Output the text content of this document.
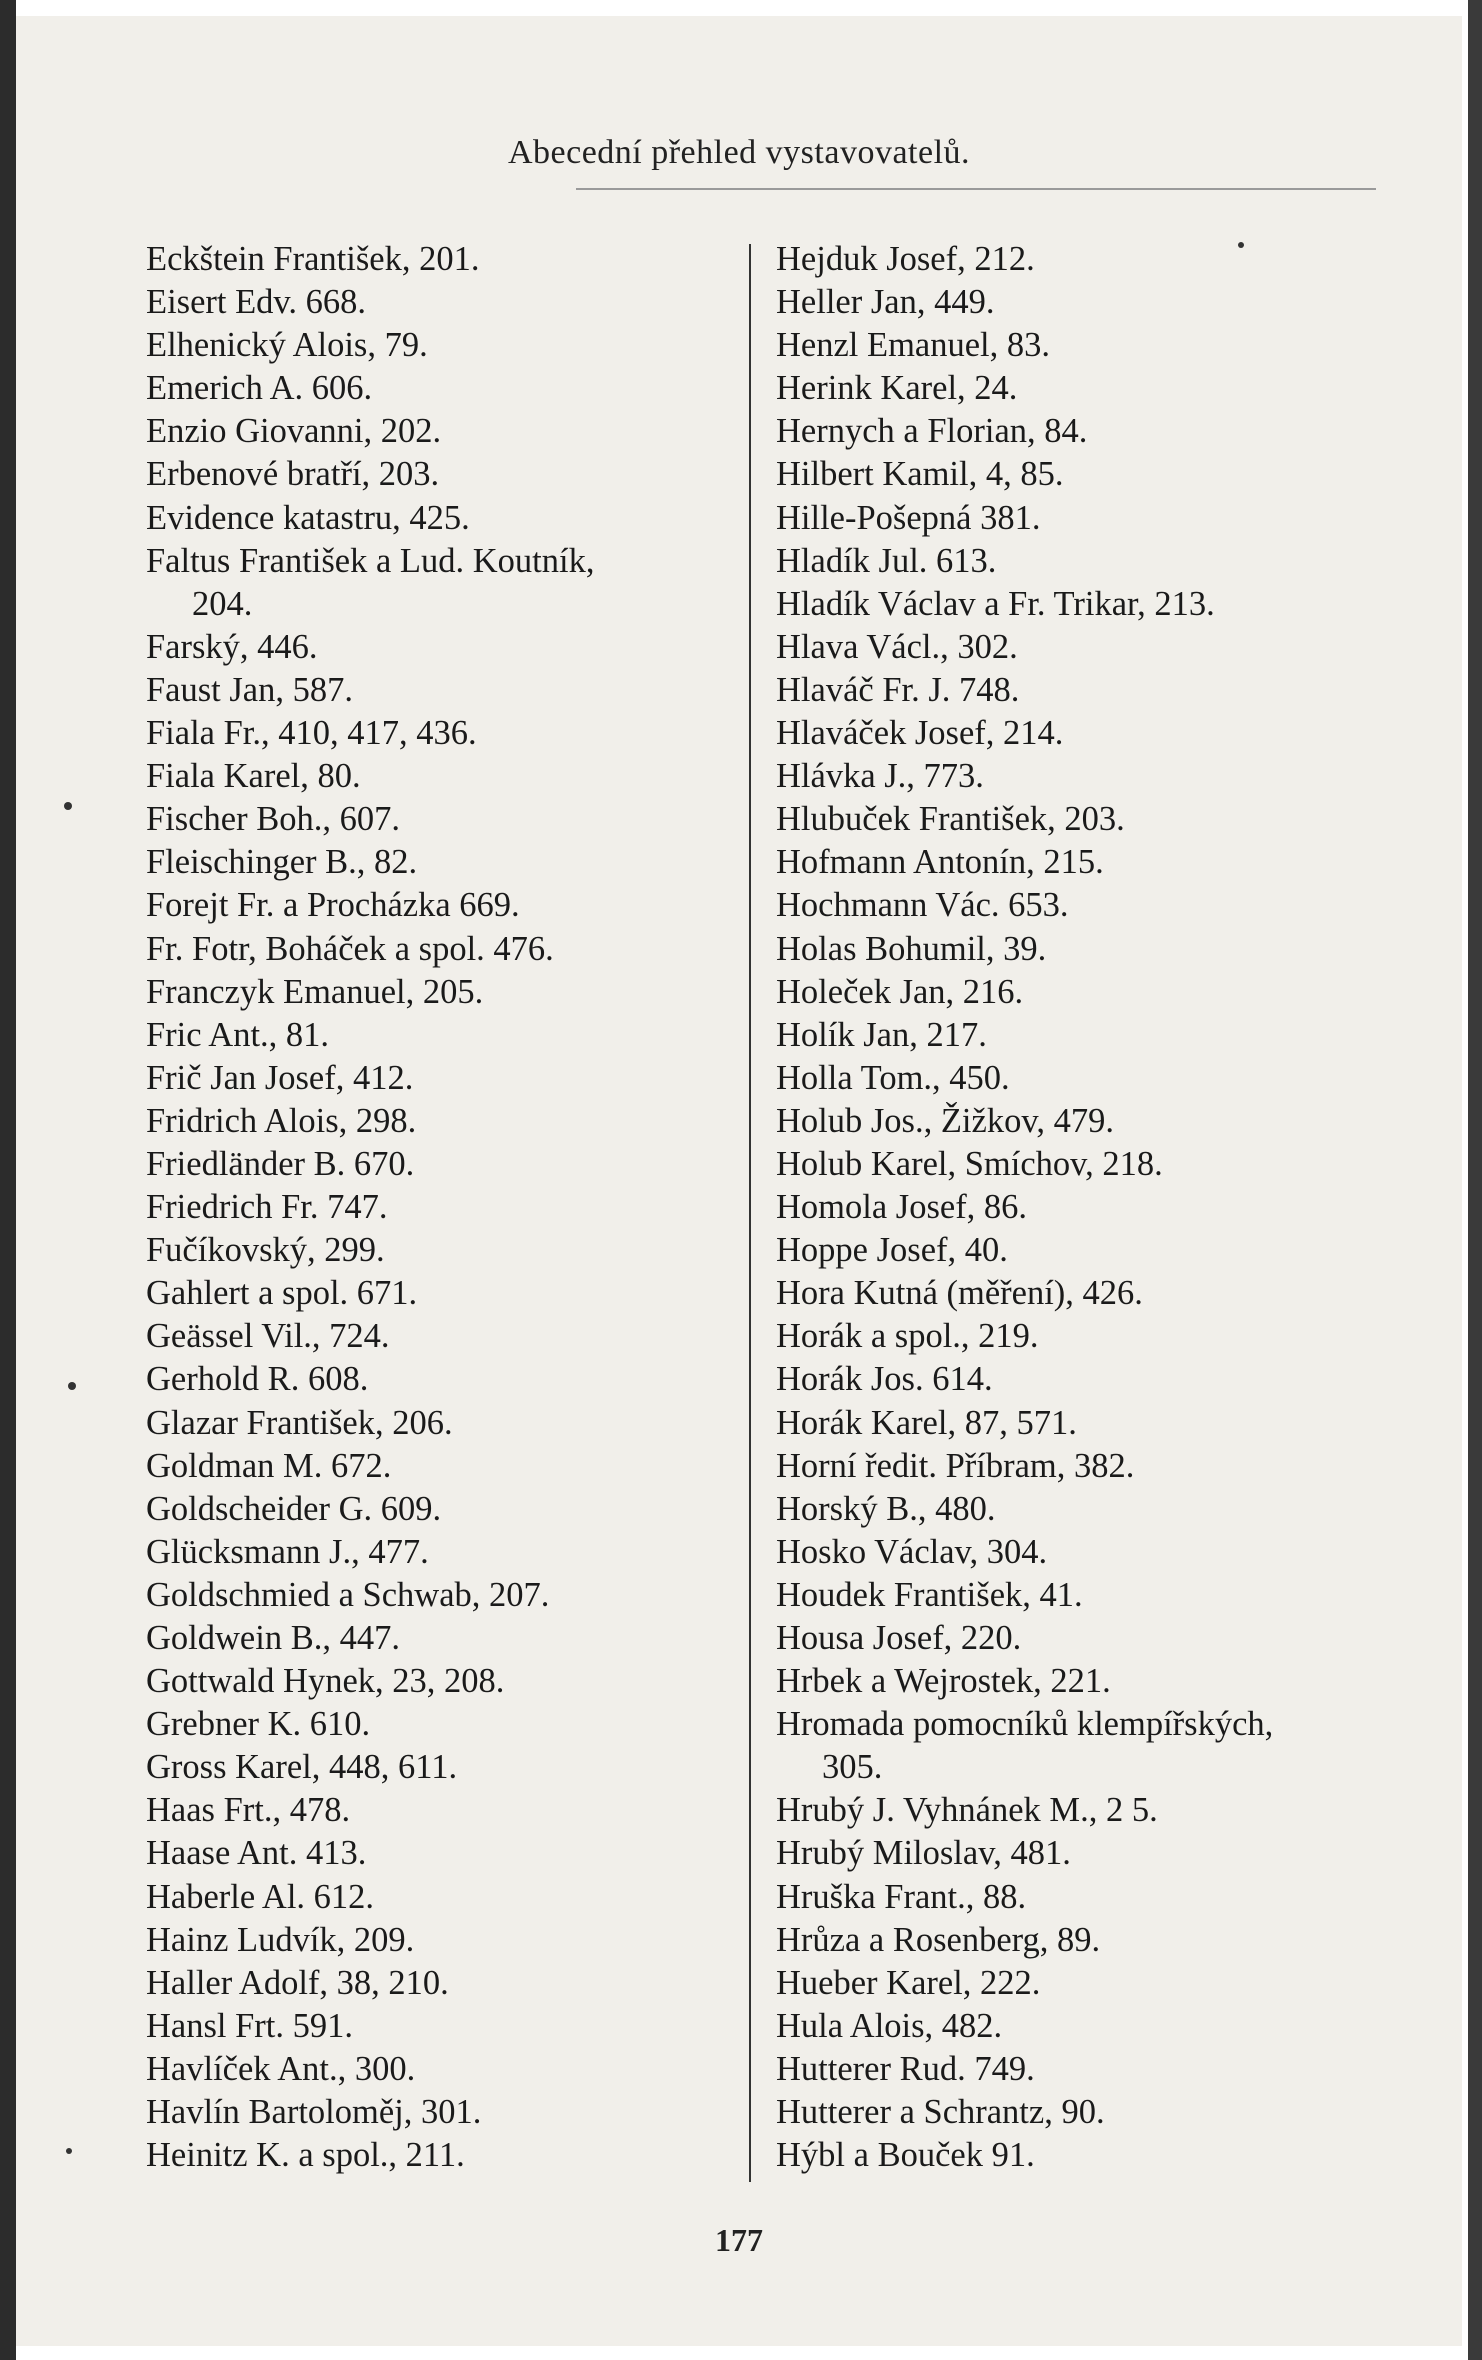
Abecední přehled vystavovatelů.
Eckštein František, 201.
Eisert Edv. 668.
Elhenický Alois, 79.
Emerich A. 606.
Enzio Giovanni, 202.
Erbenové bratří, 203.
Evidence katastru, 425.
Faltus František a Lud. Koutník,
204.
Farský, 446.
Faust Jan, 587.
Fiala Fr., 410, 417, 436.
Fiala Karel, 80.
Fischer Boh., 607.
Fleischinger B., 82.
Forejt Fr. a Procházka 669.
Fr. Fotr, Boháček a spol. 476.
Franczyk Emanuel, 205.
Fric Ant., 81.
Frič Jan Josef, 412.
Fridrich Alois, 298.
Friedländer B. 670.
Friedrich Fr. 747.
Fučíkovský, 299.
Gahlert a spol. 671.
Geässel Vil., 724.
Gerhold R. 608.
Glazar František, 206.
Goldman M. 672.
Goldscheider G. 609.
Glücksmann J., 477.
Goldschmied a Schwab, 207.
Goldwein B., 447.
Gottwald Hynek, 23, 208.
Grebner K. 610.
Gross Karel, 448, 611.
Haas Frt., 478.
Haase Ant. 413.
Haberle Al. 612.
Hainz Ludvík, 209.
Haller Adolf, 38, 210.
Hansl Frt. 591.
Havlíček Ant., 300.
Havlín Bartoloměj, 301.
Heinitz K. a spol., 211.
Hejduk Josef, 212.
Heller Jan, 449.
Henzl Emanuel, 83.
Herink Karel, 24.
Hernych a Florian, 84.
Hilbert Kamil, 4, 85.
Hille-Pošepná 381.
Hladík Jul. 613.
Hladík Václav a Fr. Trikar, 213.
Hlava Václ., 302.
Hlaváč Fr. J. 748.
Hlaváček Josef, 214.
Hlávka J., 773.
Hlubuček František, 203.
Hofmann Antonín, 215.
Hochmann Vác. 653.
Holas Bohumil, 39.
Holeček Jan, 216.
Holík Jan, 217.
Holla Tom., 450.
Holub Jos., Žižkov, 479.
Holub Karel, Smíchov, 218.
Homola Josef, 86.
Hoppe Josef, 40.
Hora Kutná (měření), 426.
Horák a spol., 219.
Horák Jos. 614.
Horák Karel, 87, 571.
Horní ředit. Příbram, 382.
Horský B., 480.
Hosko Václav, 304.
Houdek František, 41.
Housa Josef, 220.
Hrbek a Wejrostek, 221.
Hromada pomocníků klempířských,
305.
Hrubý J. Vyhnánek M., 2 5.
Hrubý Miloslav, 481.
Hruška Frant., 88.
Hrůza a Rosenberg, 89.
Hueber Karel, 222.
Hula Alois, 482.
Hutterer Rud. 749.
Hutterer a Schrantz, 90.
Hýbl a Bouček 91.
177
